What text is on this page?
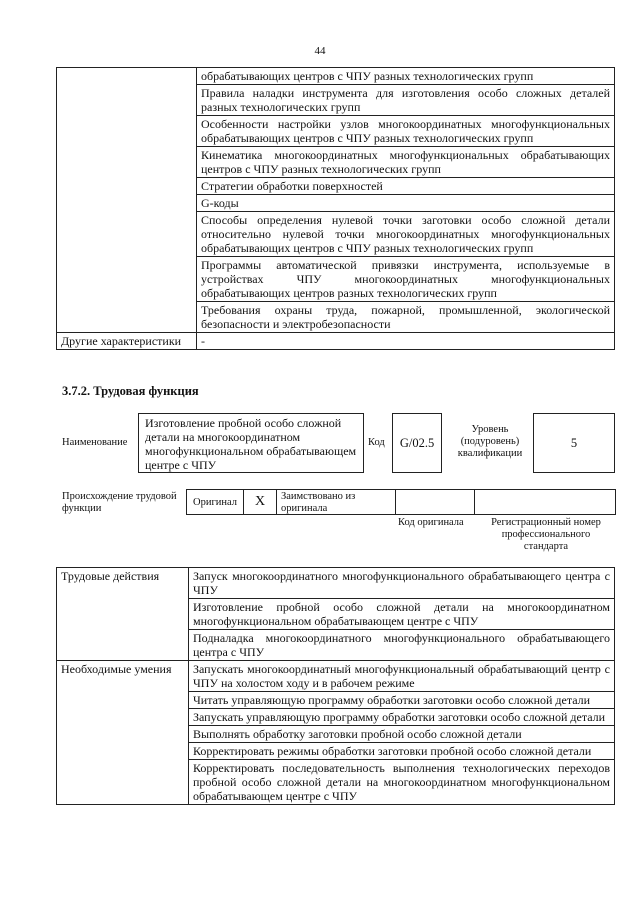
44
	обрабатывающих центров с ЧПУ разных технологических групп
	Правила наладки инструмента для изготовления особо сложных деталей разных технологических групп
	Особенности настройки узлов многокоординатных многофункциональных обрабатывающих центров с ЧПУ разных технологических групп
	Кинематика многокоординатных многофункциональных обрабатывающих центров с ЧПУ разных технологических групп
	Стратегии обработки поверхностей
	G-коды
	Способы определения нулевой точки заготовки особо сложной детали относительно нулевой точки многокоординатных многофункциональных обрабатывающих центров с ЧПУ разных технологических групп
	Программы автоматической привязки инструмента, используемые в устройствах ЧПУ многокоординатных многофункциональных обрабатывающих центров разных технологических групп
	Требования охраны труда, пожарной, промышленной, экологической безопасности и электробезопасности
Другие характеристики	-
3.7.2. Трудовая функция
Наименование
Изготовление пробной особо сложной детали на многокоординатном многофункциональном обрабатывающем центре с ЧПУ
Код	G/02.5
Уровень (подуровень) квалификации
5
Происхождение трудовой функции
Оригинал	X	Заимствовано из оригинала
Код оригинала	Регистрационный номер профессионального стандарта
Трудовые действия	Запуск многокоординатного многофункционального обрабатывающего центра с ЧПУ
	Изготовление пробной особо сложной детали на многокоординатном многофункциональном обрабатывающем центре с ЧПУ
	Подналадка многокоординатного многофункционального обрабатывающего центра с ЧПУ
Необходимые умения	Запускать многокоординатный многофункциональный обрабатывающий центр с ЧПУ на холостом ходу и в рабочем режиме
	Читать управляющую программу обработки заготовки особо сложной детали
	Запускать управляющую программу обработки заготовки особо сложной детали
	Выполнять обработку заготовки пробной особо сложной детали
	Корректировать режимы обработки заготовки пробной особо сложной детали
	Корректировать последовательность выполнения технологических переходов пробной особо сложной детали на многокоординатном многофункциональном обрабатывающем центре с ЧПУ
